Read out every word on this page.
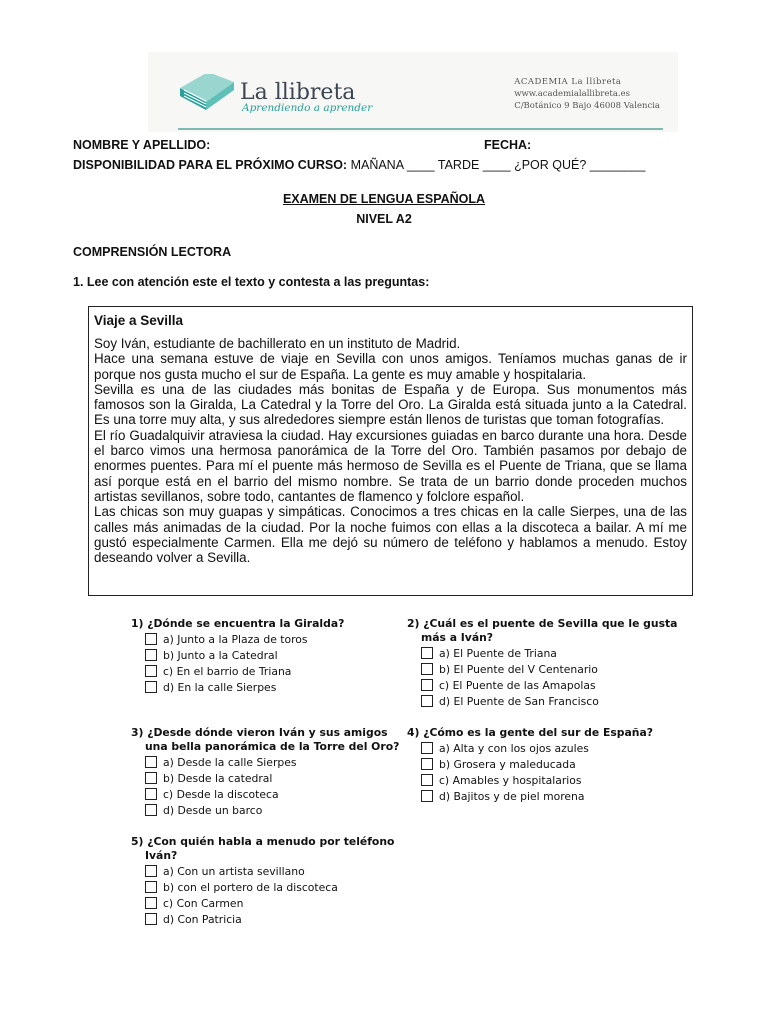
La llibreta
Aprendiendo a aprender
ACADEMIA La llibreta
www.academialallibreta.es
C/Botánico 9 Bajo 46008 Valencia
NOMBRE Y APELLIDO:	FECHA:
DISPONIBILIDAD PARA EL PRÓXIMO CURSO: MAÑANA ____ TARDE ____ ¿POR QUÉ? ________
EXAMEN DE LENGUA ESPAÑOLA
NIVEL A2
COMPRENSIÓN LECTORA
1. Lee con atención este el texto y contesta a las preguntas:
Viaje a Sevilla
Soy Iván, estudiante de bachillerato en un instituto de Madrid.
Hace una semana estuve de viaje en Sevilla con unos amigos. Teníamos muchas ganas de ir porque nos gusta mucho el sur de España. La gente es muy amable y hospitalaria.
Sevilla es una de las ciudades más bonitas de España y de Europa. Sus monumentos más famosos son la Giralda, La Catedral y la Torre del Oro. La Giralda está situada junto a la Catedral. Es una torre muy alta, y sus alrededores siempre están llenos de turistas que toman fotografías.
El río Guadalquivir atraviesa la ciudad. Hay excursiones guiadas en barco durante una hora. Desde el barco vimos una hermosa panorámica de la Torre del Oro. También pasamos por debajo de enormes puentes. Para mí el puente más hermoso de Sevilla es el Puente de Triana, que se llama así porque está en el barrio del mismo nombre. Se trata de un barrio donde proceden muchos artistas sevillanos, sobre todo, cantantes de flamenco y folclore español.
Las chicas son muy guapas y simpáticas. Conocimos a tres chicas en la calle Sierpes, una de las calles más animadas de la ciudad. Por la noche fuimos con ellas a la discoteca a bailar. A mí me gustó especialmente Carmen. Ella me dejó su número de teléfono y hablamos a menudo. Estoy deseando volver a Sevilla.
1) ¿Dónde se encuentra la Giralda?
a) Junto a la Plaza de toros
b) Junto a la Catedral
c) En el barrio de Triana
d) En la calle Sierpes
2) ¿Cuál es el puente de Sevilla que le gusta
más a Iván?
a) El Puente de Triana
b) El Puente del V Centenario
c) El Puente de las Amapolas
d) El Puente de San Francisco
3) ¿Desde dónde vieron Iván y sus amigos
una bella panorámica de la Torre del Oro?
a) Desde la calle Sierpes
b) Desde la catedral
c) Desde la discoteca
d) Desde un barco
4) ¿Cómo es la gente del sur de España?
a) Alta y con los ojos azules
b) Grosera y maleducada
c) Amables y hospitalarios
d) Bajitos y de piel morena
5) ¿Con quién habla a menudo por teléfono
Iván?
a) Con un artista sevillano
b) con el portero de la discoteca
c) Con Carmen
d) Con Patricia
